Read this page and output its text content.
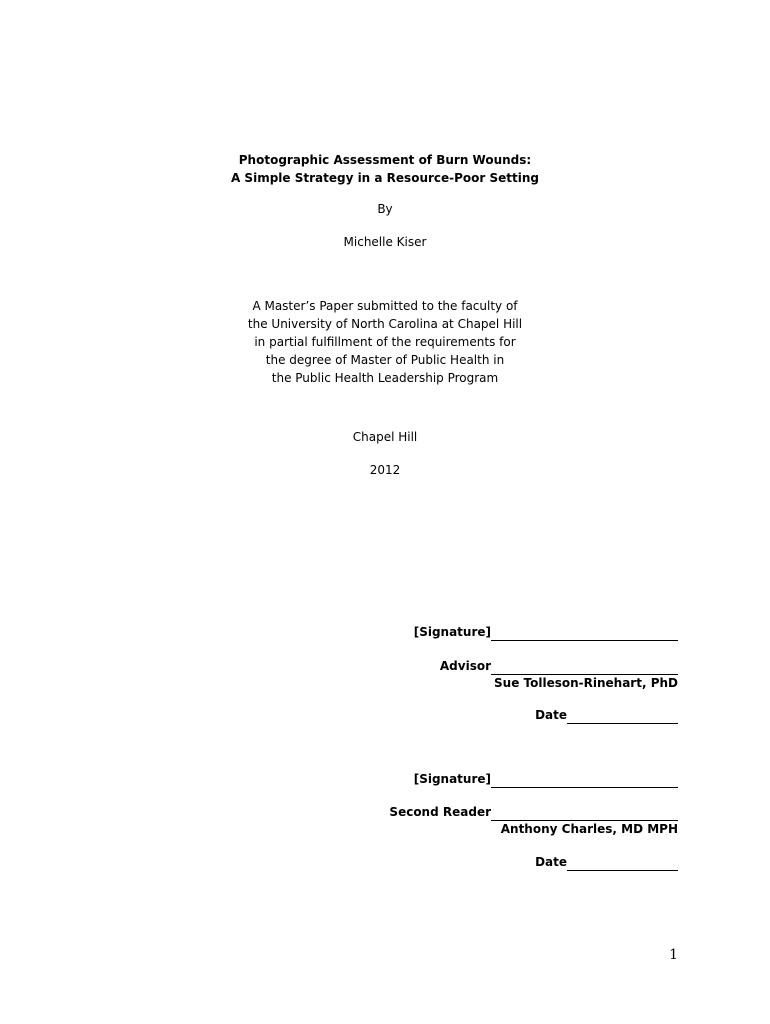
Photographic Assessment of Burn Wounds:
A Simple Strategy in a Resource-Poor Setting
By
Michelle Kiser
A Master’s Paper submitted to the faculty of
the University of North Carolina at Chapel Hill
in partial fulfillment of the requirements for
the degree of Master of Public Health in
the Public Health Leadership Program
Chapel Hill
2012
[Signature]
Advisor
Sue Tolleson-Rinehart, PhD
Date
[Signature]
Second Reader
Anthony Charles, MD MPH
Date
1
